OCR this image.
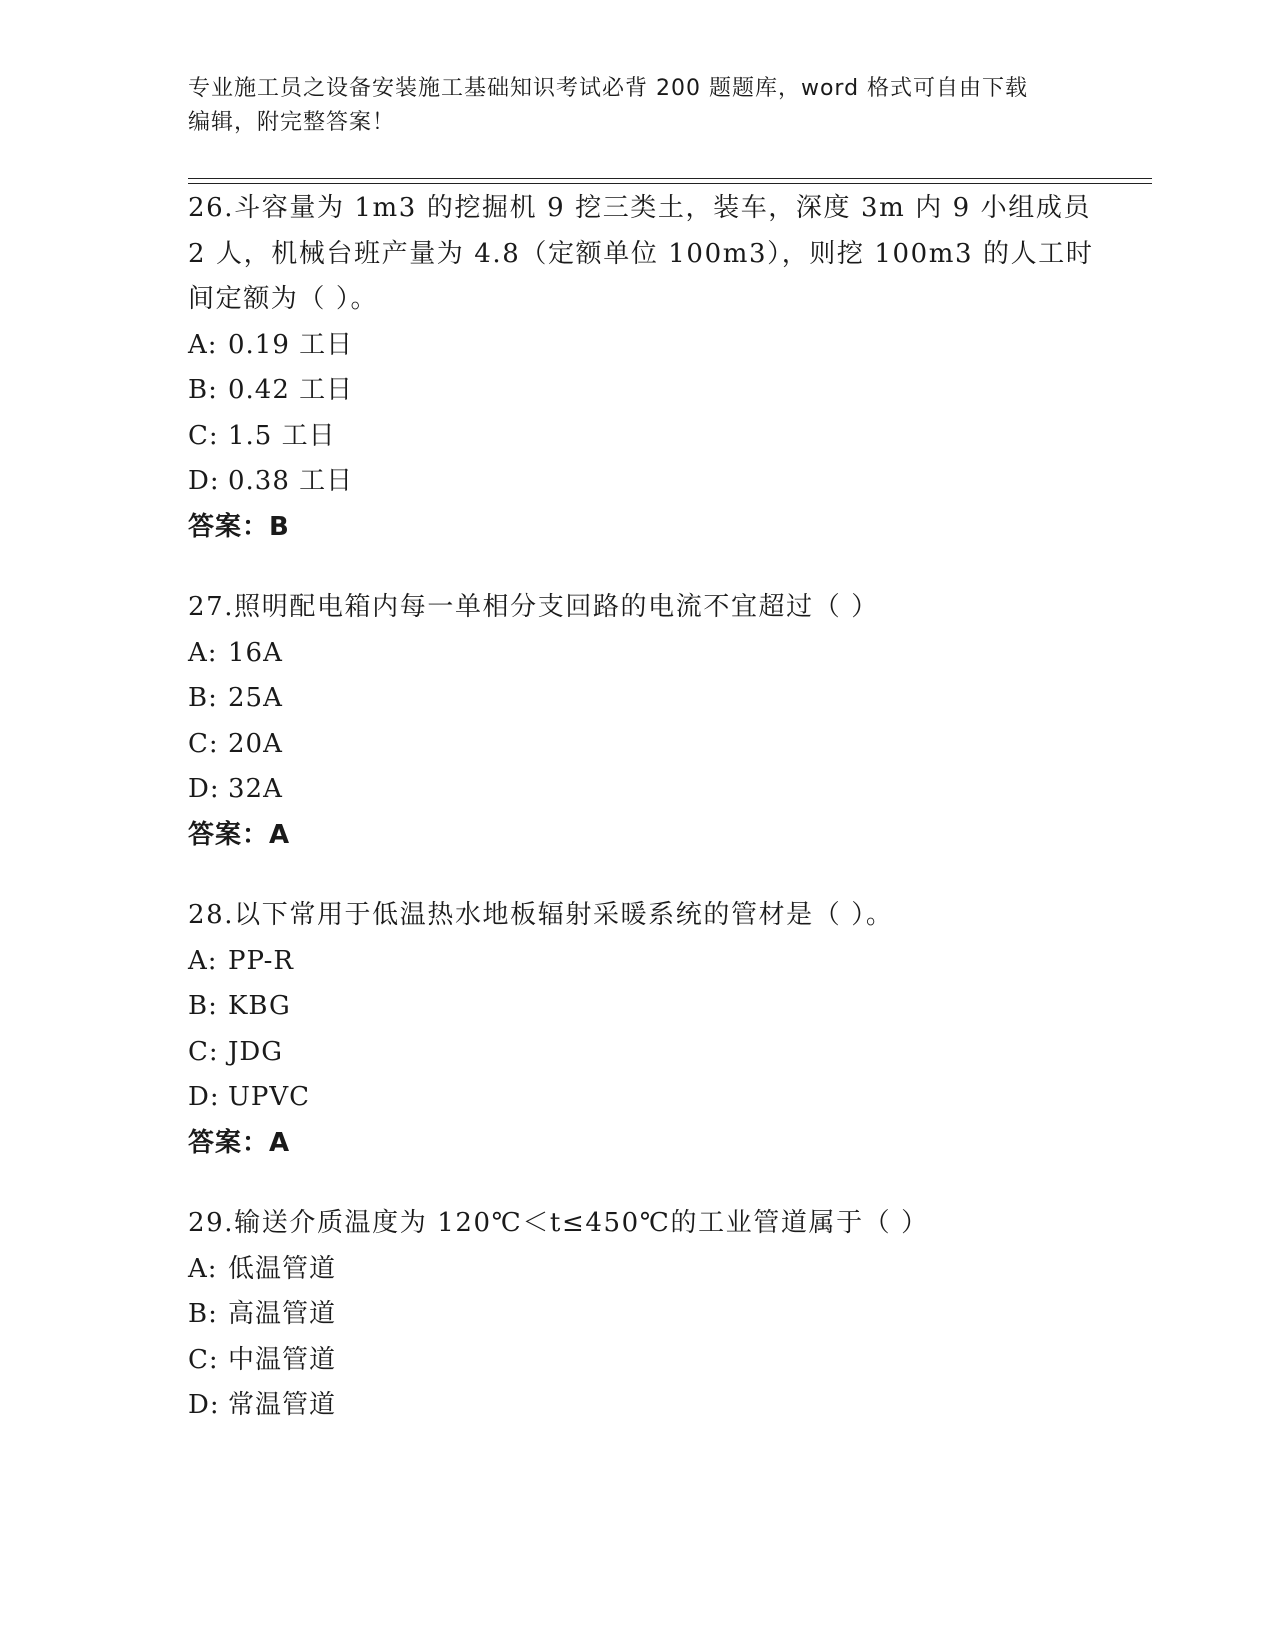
专业施工员之设备安装施工基础知识考试必背 200 题题库，word 格式可自由下载
编辑，附完整答案！
26.斗容量为 1m3 的挖掘机 9 挖三类土，装车，深度 3m 内 9 小组成员
2 人，机械台班产量为 4.8（定额单位 100m3），则挖 100m3 的人工时
间定额为（ ）。
A: 0.19 工日
B: 0.42 工日
C: 1.5 工日
D: 0.38 工日
答案：B
27.照明配电箱内每一单相分支回路的电流不宜超过（ ）
A: 16A
B: 25A
C: 20A
D: 32A
答案：A
28.以下常用于低温热水地板辐射采暖系统的管材是（ ）。
A: PP-R
B: KBG
C: JDG
D: UPVC
答案：A
29.输送介质温度为 120℃＜t≤450℃的工业管道属于（ ）
A: 低温管道
B: 高温管道
C: 中温管道
D: 常温管道
